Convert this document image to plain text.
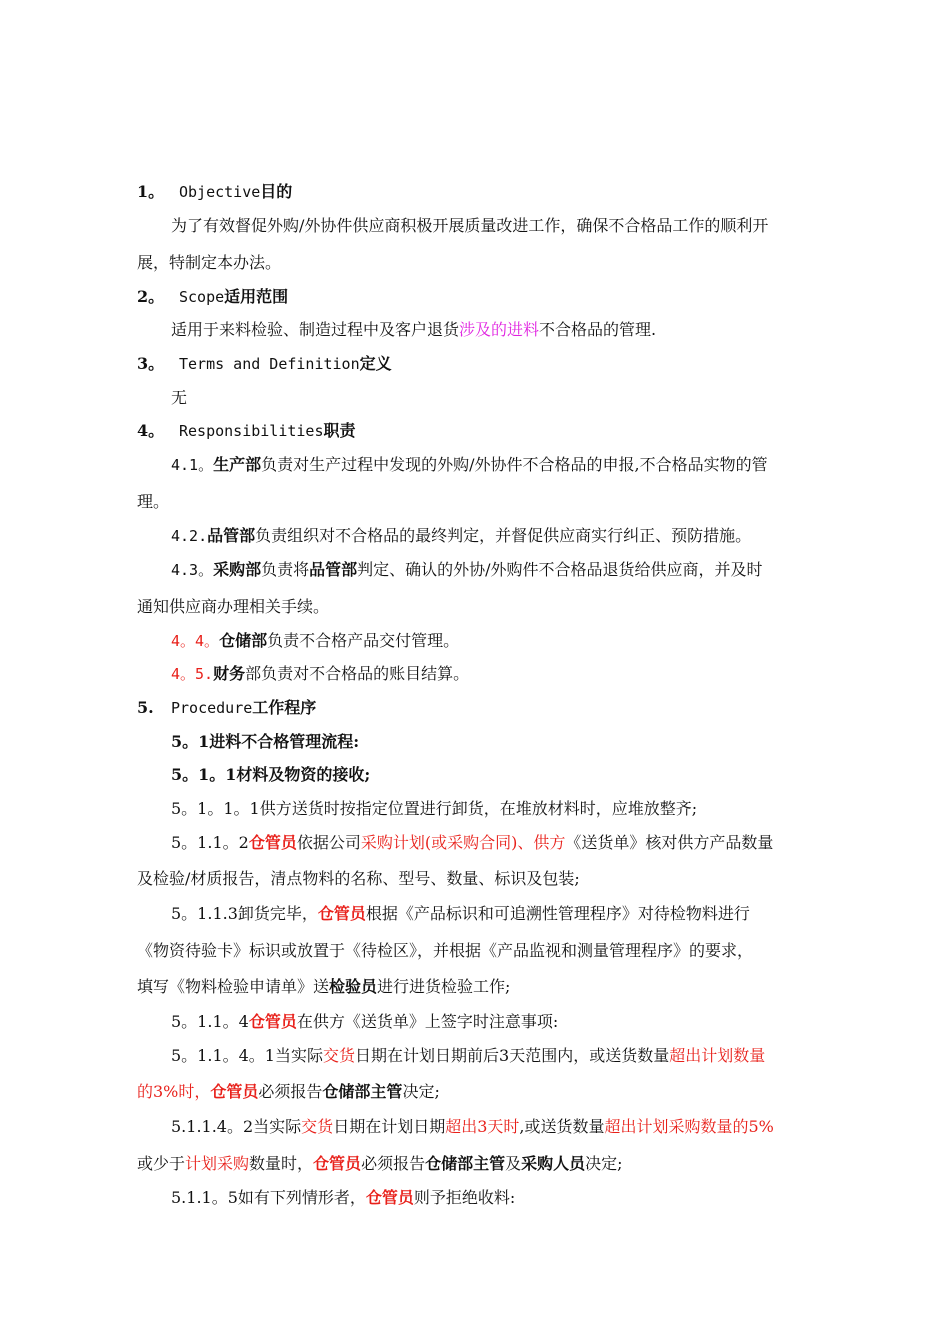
1。 Objective目的
为了有效督促外购/外协件供应商积极开展质量改进工作，确保不合格品工作的顺利开
展，特制定本办法。
2。 Scope适用范围
适用于来料检验、制造过程中及客户退货涉及的进料不合格品的管理.
3。 Terms and Definition定义
无
4。 Responsibilities职责
4.1。生产部负责对生产过程中发现的外购/外协件不合格品的申报,不合格品实物的管
理。
4.2.品管部负责组织对不合格品的最终判定，并督促供应商实行纠正、预防措施。
4.3。采购部负责将品管部判定、确认的外协/外购件不合格品退货给供应商，并及时
通知供应商办理相关手续。
4。4。仓储部负责不合格产品交付管理。
4。5.财务部负责对不合格品的账目结算。
5. Procedure工作程序
5。1进料不合格管理流程:
5。1。1材料及物资的接收;
5。1。1。1供方送货时按指定位置进行卸货，在堆放材料时，应堆放整齐;
5。1.1。2仓管员依据公司采购计划(或采购合同)、供方《送货单》核对供方产品数量
及检验/材质报告，清点物料的名称、型号、数量、标识及包装;
5。1.1.3卸货完毕，仓管员根据《产品标识和可追溯性管理程序》对待检物料进行
《物资待验卡》标识或放置于《待检区》，并根据《产品监视和测量管理程序》的要求，
填写《物料检验申请单》送检验员进行进货检验工作;
5。1.1。4仓管员在供方《送货单》上签字时注意事项:
5。1.1。4。1当实际交货日期在计划日期前后3天范围内，或送货数量超出计划数量
的3%时，仓管员必须报告仓储部主管决定;
5.1.1.4。2当实际交货日期在计划日期超出3天时,或送货数量超出计划采购数量的5%
或少于计划采购数量时，仓管员必须报告仓储部主管及采购人员决定;
5.1.1。5如有下列情形者，仓管员则予拒绝收料:
